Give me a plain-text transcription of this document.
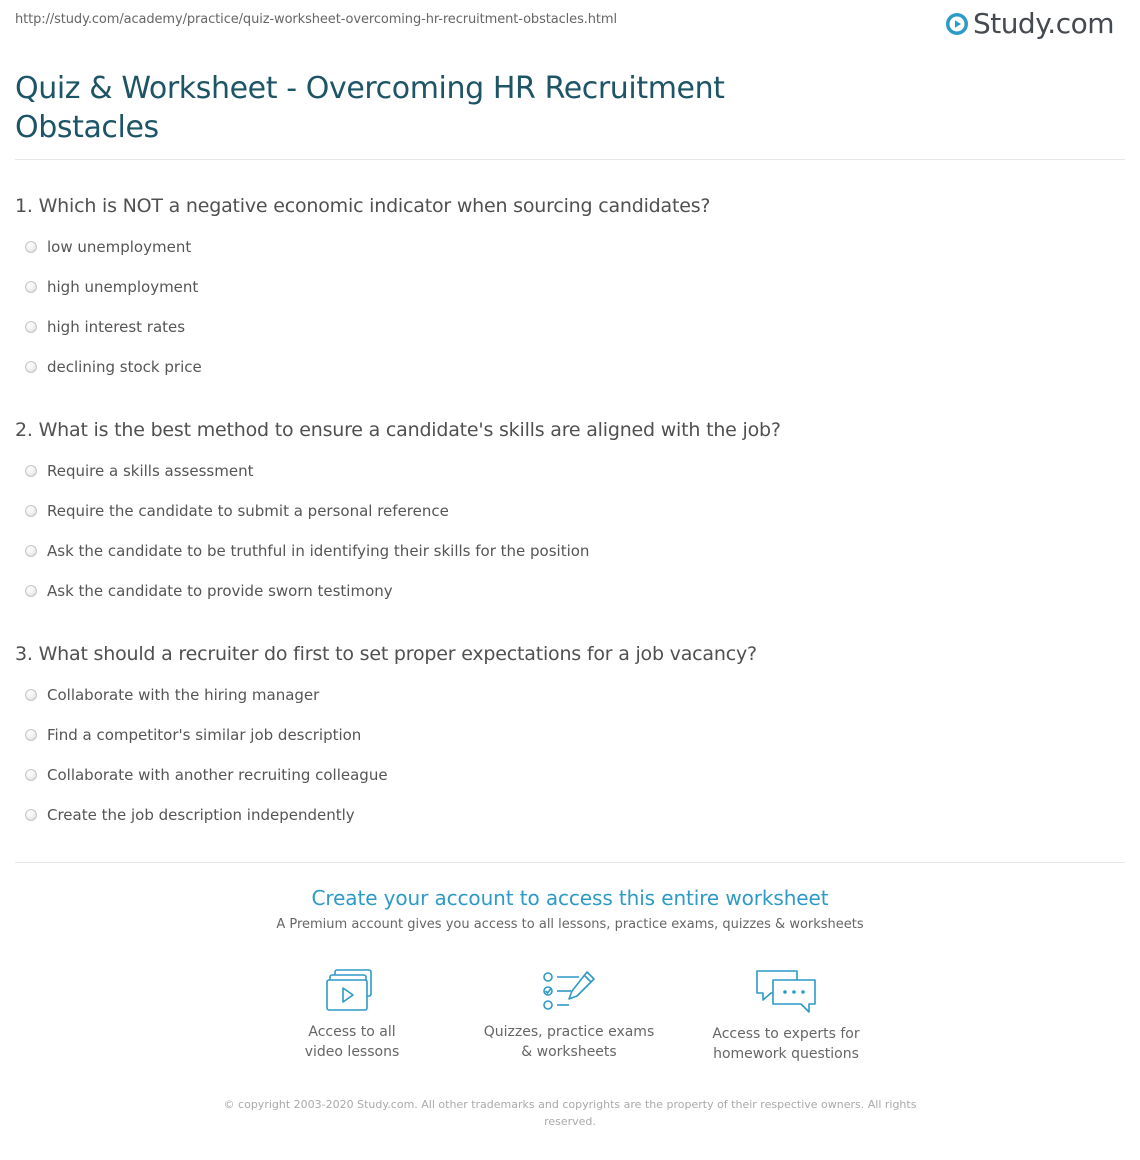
http://study.com/academy/practice/quiz-worksheet-overcoming-hr-recruitment-obstacles.html	Study.com
Quiz & Worksheet - Overcoming HR Recruitment
Obstacles

1. Which is NOT a negative economic indicator when sourcing candidates?

low unemployment
high unemployment
high interest rates
declining stock price

2. What is the best method to ensure a candidate's skills are aligned with the job?

Require a skills assessment
Require the candidate to submit a personal reference
Ask the candidate to be truthful in identifying their skills for the position
Ask the candidate to provide sworn testimony

3. What should a recruiter do first to set proper expectations for a job vacancy?

Collaborate with the hiring manager
Find a competitor's similar job description
Collaborate with another recruiting colleague
Create the job description independently
Create your account to access this entire worksheet
A Premium account gives you access to all lessons, practice exams, quizzes & worksheets
Access to all
video lessons
Quizzes, practice exams
& worksheets
Access to experts for
homework questions
© copyright 2003-2020 Study.com. All other trademarks and copyrights are the property of their respective owners. All rights
reserved.
